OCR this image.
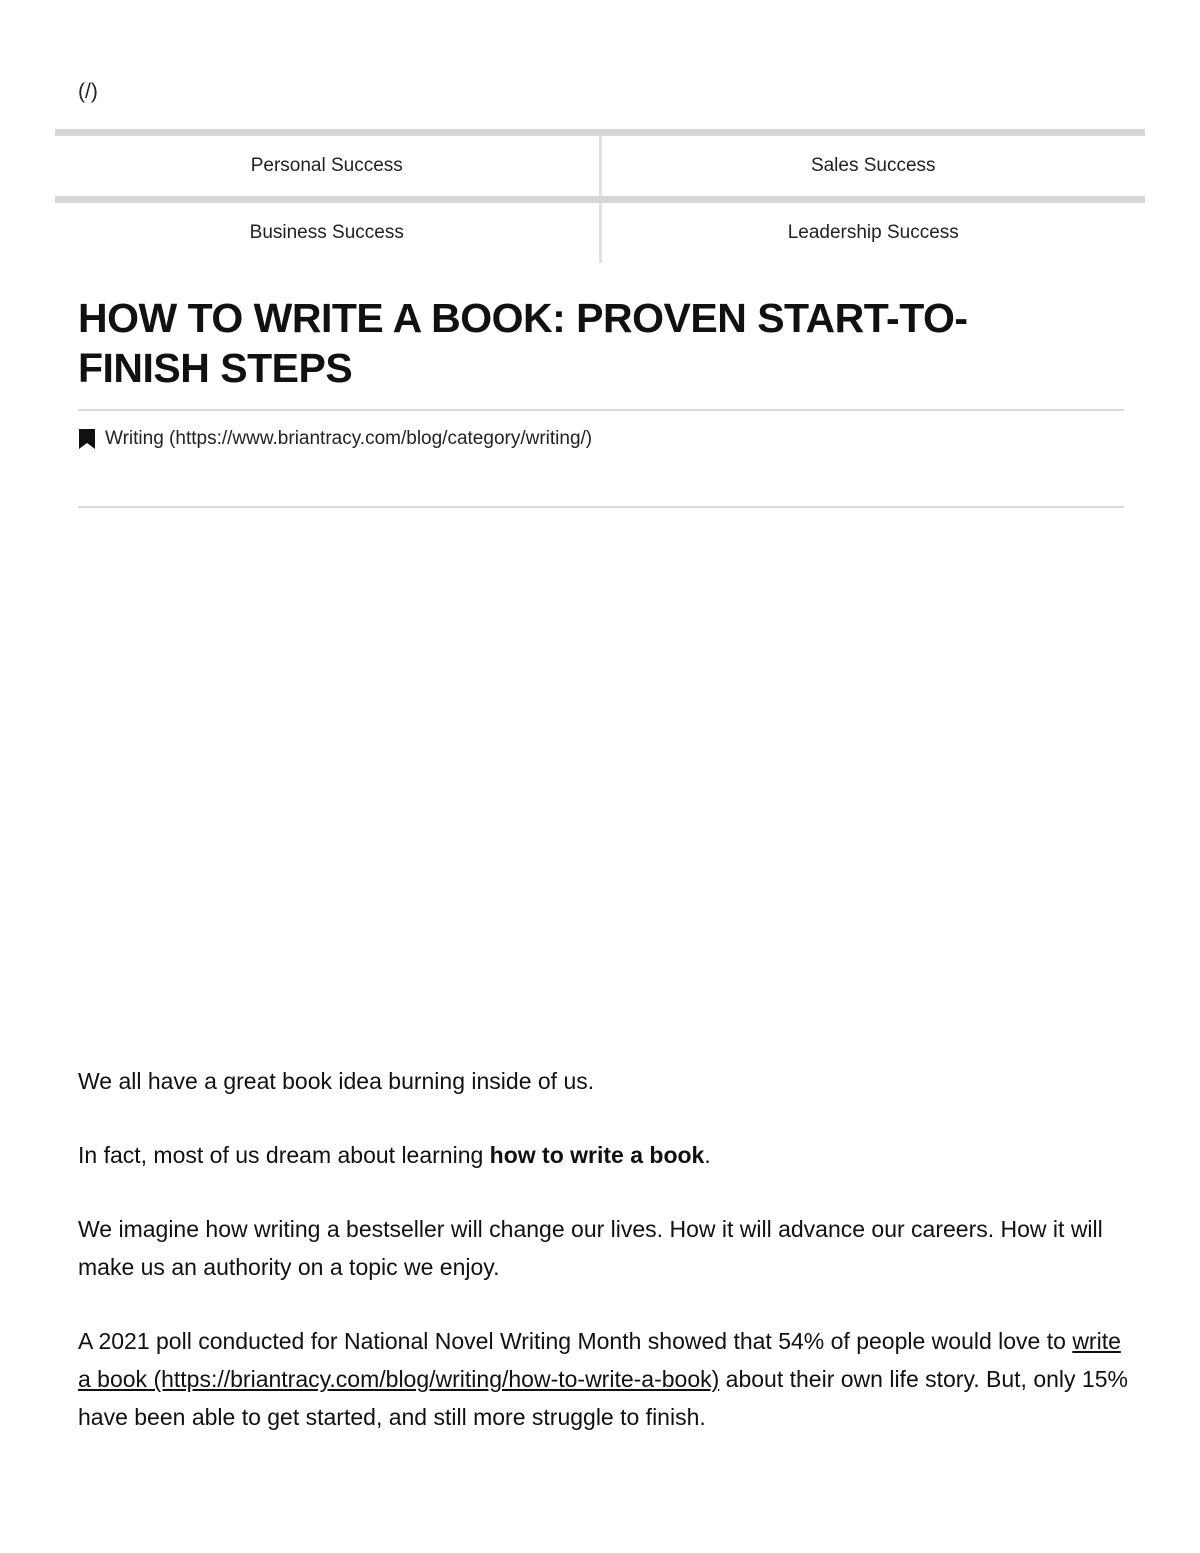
(/)
Personal Success	Sales Success
Business Success	Leadership Success
HOW TO WRITE A BOOK: PROVEN START-TO-FINISH STEPS
Writing (https://www.briantracy.com/blog/category/writing/)

We all have a great book idea burning inside of us.

In fact, most of us dream about learning how to write a book.

We imagine how writing a bestseller will change our lives. How it will advance our careers. How it will make us an authority on a topic we enjoy.

A 2021 poll conducted for National Novel Writing Month showed that 54% of people would love to write a book (https://briantracy.com/blog/writing/how-to-write-a-book) about their own life story. But, only 15% have been able to get started, and still more struggle to finish.
